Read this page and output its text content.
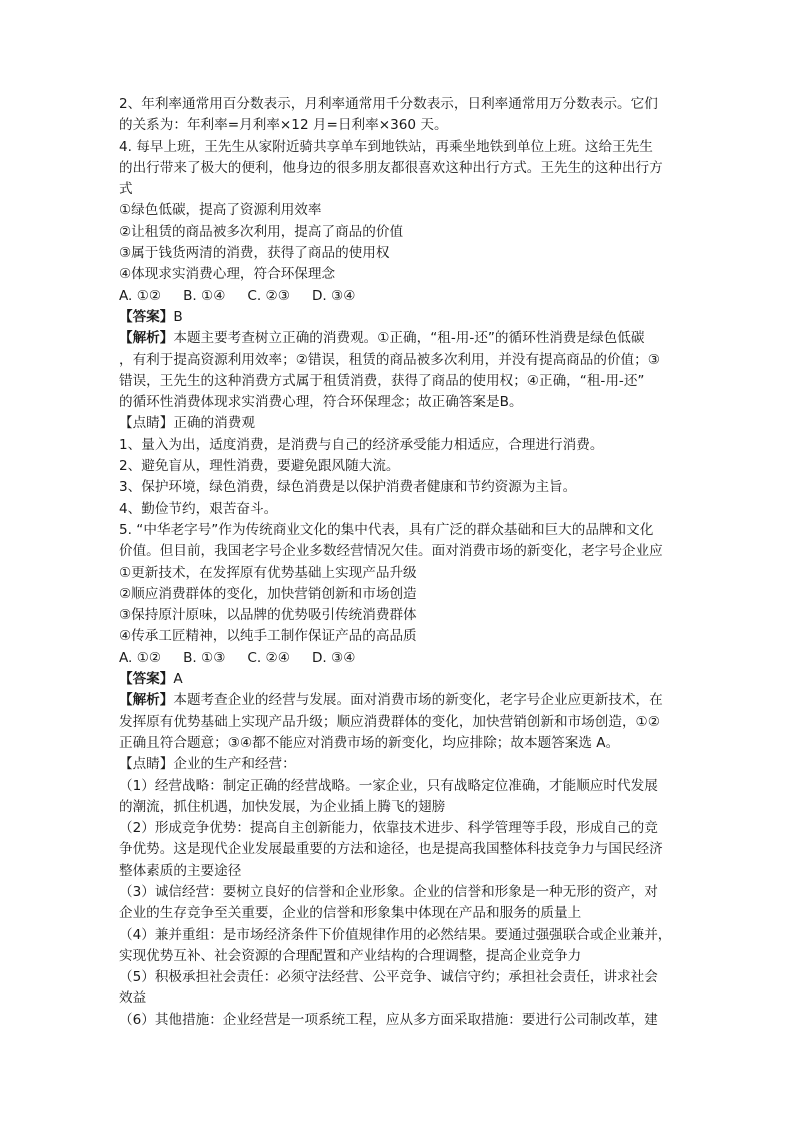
2、年利率通常用百分数表示，月利率通常用千分数表示，日利率通常用万分数表示。它们
的关系为：年利率=月利率×12 月=日利率×360 天。
4. 每早上班，王先生从家附近骑共享单车到地铁站，再乘坐地铁到单位上班。这给王先生
的出行带来了极大的便利，他身边的很多朋友都很喜欢这种出行方式。王先生的这种出行方
式
①绿色低碳，提高了资源利用效率
②让租赁的商品被多次利用，提高了商品的价值
③属于钱货两清的消费，获得了商品的使用权
④体现求实消费心理，符合环保理念
A. ①② B. ①④ C. ②③ D. ③④
【答案】B
【解析】本题主要考查树立正确的消费观。①正确，“租-用-还”的循环性消费是绿色低碳
，有利于提高资源利用效率；②错误，租赁的商品被多次利用，并没有提高商品的价值；③
错误，王先生的这种消费方式属于租赁消费，获得了商品的使用权；④正确，“租-用-还”
的循环性消费体现求实消费心理，符合环保理念；故正确答案是B。
【点睛】正确的消费观
1、量入为出，适度消费，是消费与自己的经济承受能力相适应，合理进行消费。
2、避免盲从，理性消费，要避免跟风随大流。
3、保护环境，绿色消费，绿色消费是以保护消费者健康和节约资源为主旨。
4、勤俭节约，艰苦奋斗。
5. “中华老字号”作为传统商业文化的集中代表，具有广泛的群众基础和巨大的品牌和文化
价值。但目前，我国老字号企业多数经营情况欠佳。面对消费市场的新变化，老字号企业应
①更新技术，在发挥原有优势基础上实现产品升级
②顺应消费群体的变化，加快营销创新和市场创造
③保持原汁原味，以品牌的优势吸引传统消费群体
④传承工匠精神，以纯手工制作保证产品的高品质
A. ①② B. ①③ C. ②④ D. ③④
【答案】A
【解析】本题考查企业的经营与发展。面对消费市场的新变化，老字号企业应更新技术，在
发挥原有优势基础上实现产品升级；顺应消费群体的变化，加快营销创新和市场创造，①②
正确且符合题意；③④都不能应对消费市场的新变化，均应排除；故本题答案选 A。
【点睛】企业的生产和经营：
（1）经营战略：制定正确的经营战略。一家企业，只有战略定位准确，才能顺应时代发展
的潮流，抓住机遇，加快发展，为企业插上腾飞的翅膀
（2）形成竞争优势：提高自主创新能力，依靠技术进步、科学管理等手段，形成自己的竞
争优势。这是现代企业发展最重要的方法和途径，也是提高我国整体科技竞争力与国民经济
整体素质的主要途径
（3）诚信经营：要树立良好的信誉和企业形象。企业的信誉和形象是一种无形的资产，对
企业的生存竞争至关重要，企业的信誉和形象集中体现在产品和服务的质量上
（4）兼并重组：是市场经济条件下价值规律作用的必然结果。要通过强强联合或企业兼并，
实现优势互补、社会资源的合理配置和产业结构的合理调整，提高企业竞争力
（5）积极承担社会责任：必须守法经营、公平竞争、诚信守约；承担社会责任，讲求社会
效益
（6）其他措施：企业经营是一项系统工程，应从多方面采取措施：要进行公司制改革，建
